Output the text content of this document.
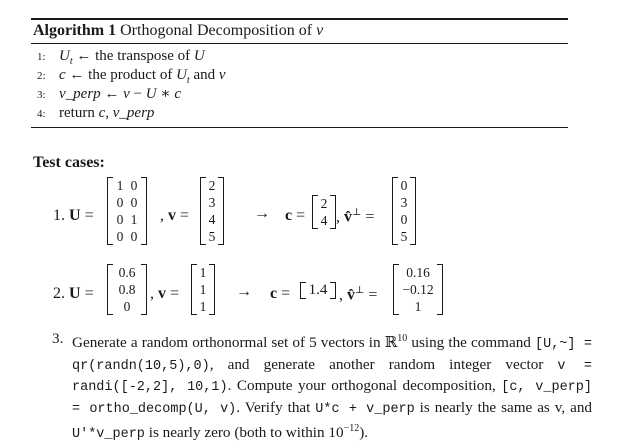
Algorithm 1 Orthogonal Decomposition of v
1: $U_t$ ← the transpose of U
2: c ← the product of $U_t$ and v
3: v_perp ← v − U ∗ c
4: return c, v_perp
Test cases:
1. U =
1 0
0 0
0 1
0 0
, v =
2
3
4
5
→ c =
2
4 , v̂⊥ =
0
3
0
5
2. U =
0.6
0.8
0
, v =
1
1
1
→ c = 1.4 , v̂⊥ =
0.16
−0.12
1
3. Generate a random orthonormal set of 5 vectors in ℝ$^{10}$ using the command [U,~] = qr(randn(10,5),0), and generate another random integer vector v = randi([-2,2], 10,1). Compute your orthogonal decomposition, [c, v_perp] = ortho_decomp(U, v). Verify that U*c + v_perp is nearly the same as v, and U'*v_perp is nearly zero (both to within $10^{-12}$).
